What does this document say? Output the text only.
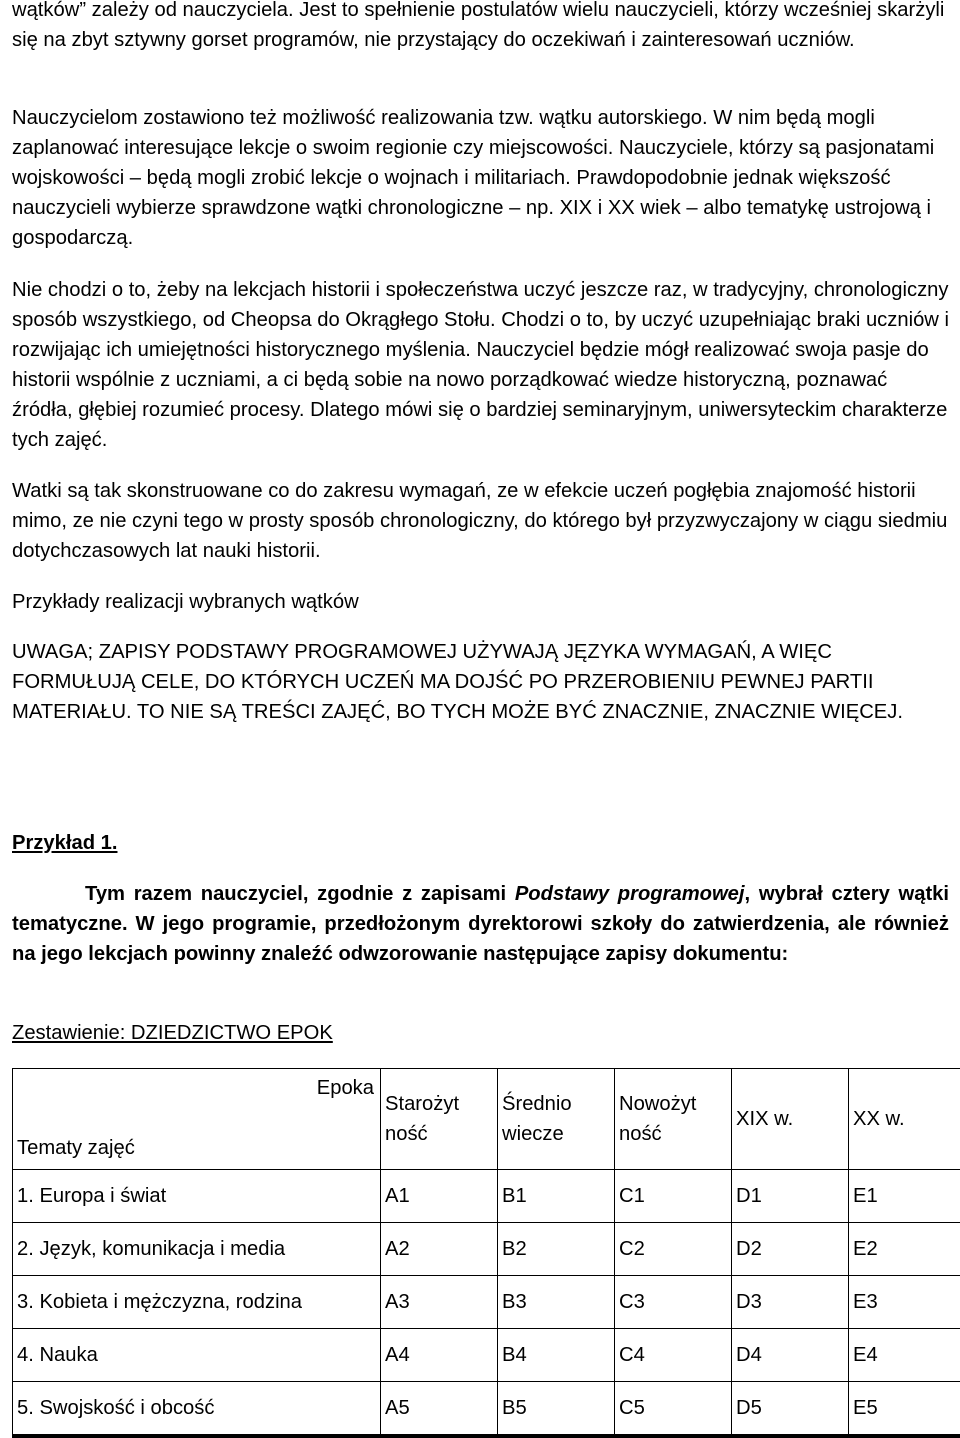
wątków” zależy od nauczyciela. Jest to spełnienie postulatów wielu nauczycieli, którzy wcześniej skarżyli się na zbyt sztywny gorset programów, nie przystający do oczekiwań i zainteresowań uczniów.

Nauczycielom zostawiono też możliwość realizowania tzw. wątku autorskiego. W nim będą mogli zaplanować interesujące lekcje o swoim regionie czy miejscowości. Nauczyciele, którzy są pasjonatami wojskowości – będą mogli zrobić lekcje o wojnach i militariach. Prawdopodobnie jednak większość nauczycieli wybierze sprawdzone wątki chronologiczne – np. XIX i XX wiek – albo tematykę ustrojową i gospodarczą.

Nie chodzi o to, żeby na lekcjach historii i społeczeństwa uczyć jeszcze raz, w tradycyjny, chronologiczny sposób wszystkiego, od Cheopsa do Okrągłego Stołu. Chodzi o to, by uczyć uzupełniając braki uczniów i rozwijając ich umiejętności historycznego myślenia. Nauczyciel będzie mógł realizować swoja pasje do historii wspólnie z uczniami, a ci będą sobie na nowo porządkować wiedze historyczną, poznawać źródła, głębiej rozumieć procesy. Dlatego mówi się o bardziej seminaryjnym, uniwersyteckim charakterze tych zajęć.

Watki są tak skonstruowane co do zakresu wymagań, ze w efekcie uczeń pogłębia znajomość historii mimo, ze nie czyni tego w prosty sposób chronologiczny, do którego był przyzwyczajony w ciągu siedmiu dotychczasowych lat nauki historii.

Przykłady realizacji wybranych wątków

UWAGA; ZAPISY PODSTAWY PROGRAMOWEJ UŻYWAJĄ JĘZYKA WYMAGAŃ, A WIĘC FORMUŁUJĄ CELE, DO KTÓRYCH UCZEŃ MA DOJŚĆ PO PRZEROBIENIU PEWNEJ PARTII MATERIAŁU. TO NIE SĄ TREŚCI ZAJĘĆ, BO TYCH MOŻE BYĆ ZNACZNIE, ZNACZNIE WIĘCEJ.

Przykład 1.

Tym razem nauczyciel, zgodnie z zapisami Podstawy programowej, wybrał cztery wątki tematyczne. W jego programie, przedłożonym dyrektorowi szkoły do zatwierdzenia, ale również na jego lekcjach powinny znaleźć odwzorowanie następujące zapisy dokumentu:

Zestawienie: DZIEDZICTWO EPOK

Epoka
Tematy zajęć	Starożyt ność	Średnio wiecze	Nowożyt ność	XIX w.	XX w.
1. Europa i świat	A1	B1	C1	D1	E1
2. Język, komunikacja i media	A2	B2	C2	D2	E2
3. Kobieta i mężczyzna, rodzina	A3	B3	C3	D3	E3
4. Nauka	A4	B4	C4	D4	E4
5. Swojskość i obcość	A5	B5	C5	D5	E5
